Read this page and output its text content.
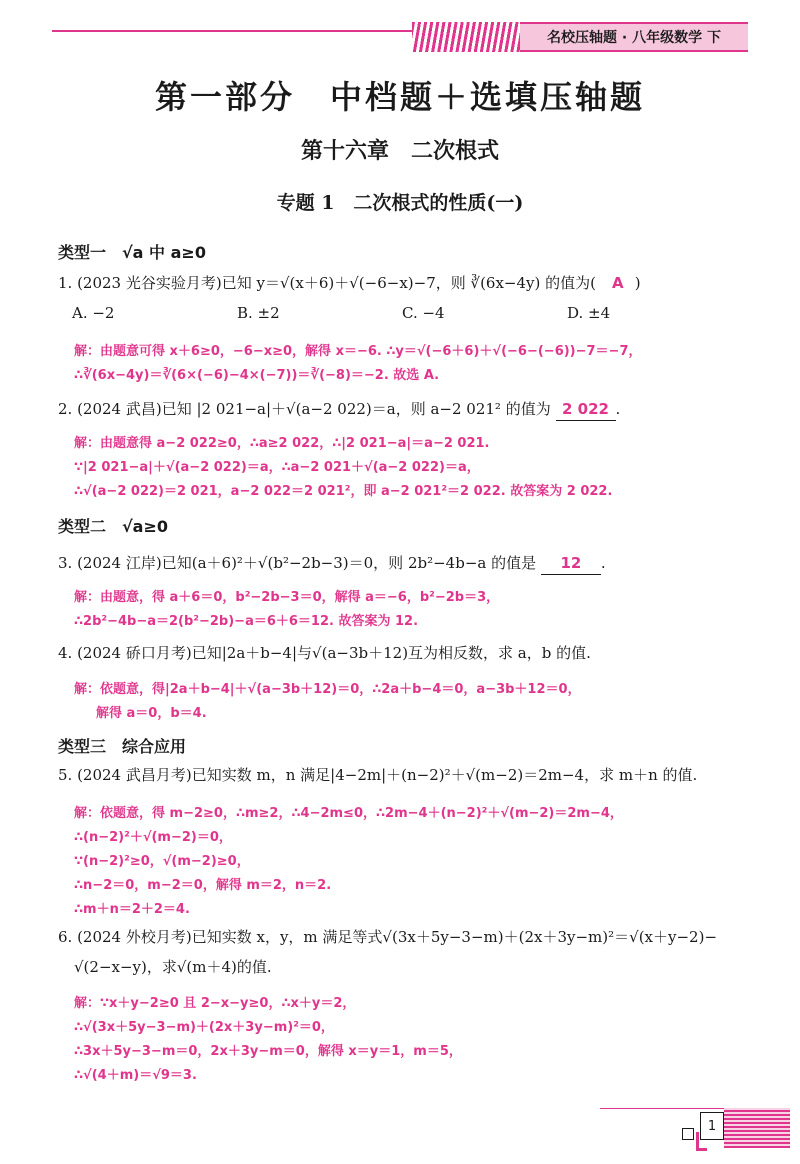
名校压轴题 · 八年级数学 下
第一部分　中档题＋选填压轴题
第十六章　二次根式
专题 1　二次根式的性质(一)
类型一　√a 中 a≥0
1. (2023 光谷实验月考)已知 y＝√(x＋6)＋√(−6−x)−7，则 ∛(6x−4y) 的值为( A )
A. −2	B. ±2	C. −4	D. ±4
解：由题意可得 x＋6≥0，−6−x≥0，解得 x＝−6. ∴y＝√(−6＋6)＋√(−6−(−6))−7＝−7，
∴∛(6x−4y)＝∛(6×(−6)−4×(−7))＝∛(−8)＝−2. 故选 A.
2. (2024 武昌)已知 |2 021−a|＋√(a−2 022)＝a，则 a−2 021² 的值为 2 022 .
解：由题意得 a−2 022≥0，∴a≥2 022，∴|2 021−a|＝a−2 021.
∵|2 021−a|＋√(a−2 022)＝a，∴a−2 021＋√(a−2 022)＝a，
∴√(a−2 022)＝2 021，a−2 022＝2 021²，即 a−2 021²＝2 022. 故答案为 2 022.
类型二　√a≥0
3. (2024 江岸)已知(a＋6)²＋√(b²−2b−3)＝0，则 2b²−4b−a 的值是 12 .
解：由题意，得 a＋6＝0，b²−2b−3＝0，解得 a＝−6，b²−2b＝3，
∴2b²−4b−a＝2(b²−2b)−a＝6＋6＝12. 故答案为 12.
4. (2024 硚口月考)已知|2a＋b−4|与√(a−3b＋12)互为相反数，求 a，b 的值.
解：依题意，得|2a＋b−4|＋√(a−3b＋12)＝0，∴2a＋b−4＝0，a−3b＋12＝0，
解得 a＝0，b＝4.
类型三　综合应用
5. (2024 武昌月考)已知实数 m，n 满足|4−2m|＋(n−2)²＋√(m−2)＝2m−4，求 m＋n 的值.
解：依题意，得 m−2≥0，∴m≥2，∴4−2m≤0，∴2m−4＋(n−2)²＋√(m−2)＝2m−4，
∴(n−2)²＋√(m−2)＝0，
∵(n−2)²≥0，√(m−2)≥0，
∴n−2＝0，m−2＝0，解得 m＝2，n＝2.
∴m＋n＝2＋2＝4.
6. (2024 外校月考)已知实数 x，y，m 满足等式√(3x＋5y−3−m)＋(2x＋3y−m)²＝√(x＋y−2)−
√(2−x−y)，求√(m＋4)的值.
解：∵x＋y−2≥0 且 2−x−y≥0，∴x＋y＝2，
∴√(3x＋5y−3−m)＋(2x＋3y−m)²＝0，
∴3x＋5y−3−m＝0，2x＋3y−m＝0，解得 x＝y＝1，m＝5，
∴√(4＋m)＝√9＝3.
1
